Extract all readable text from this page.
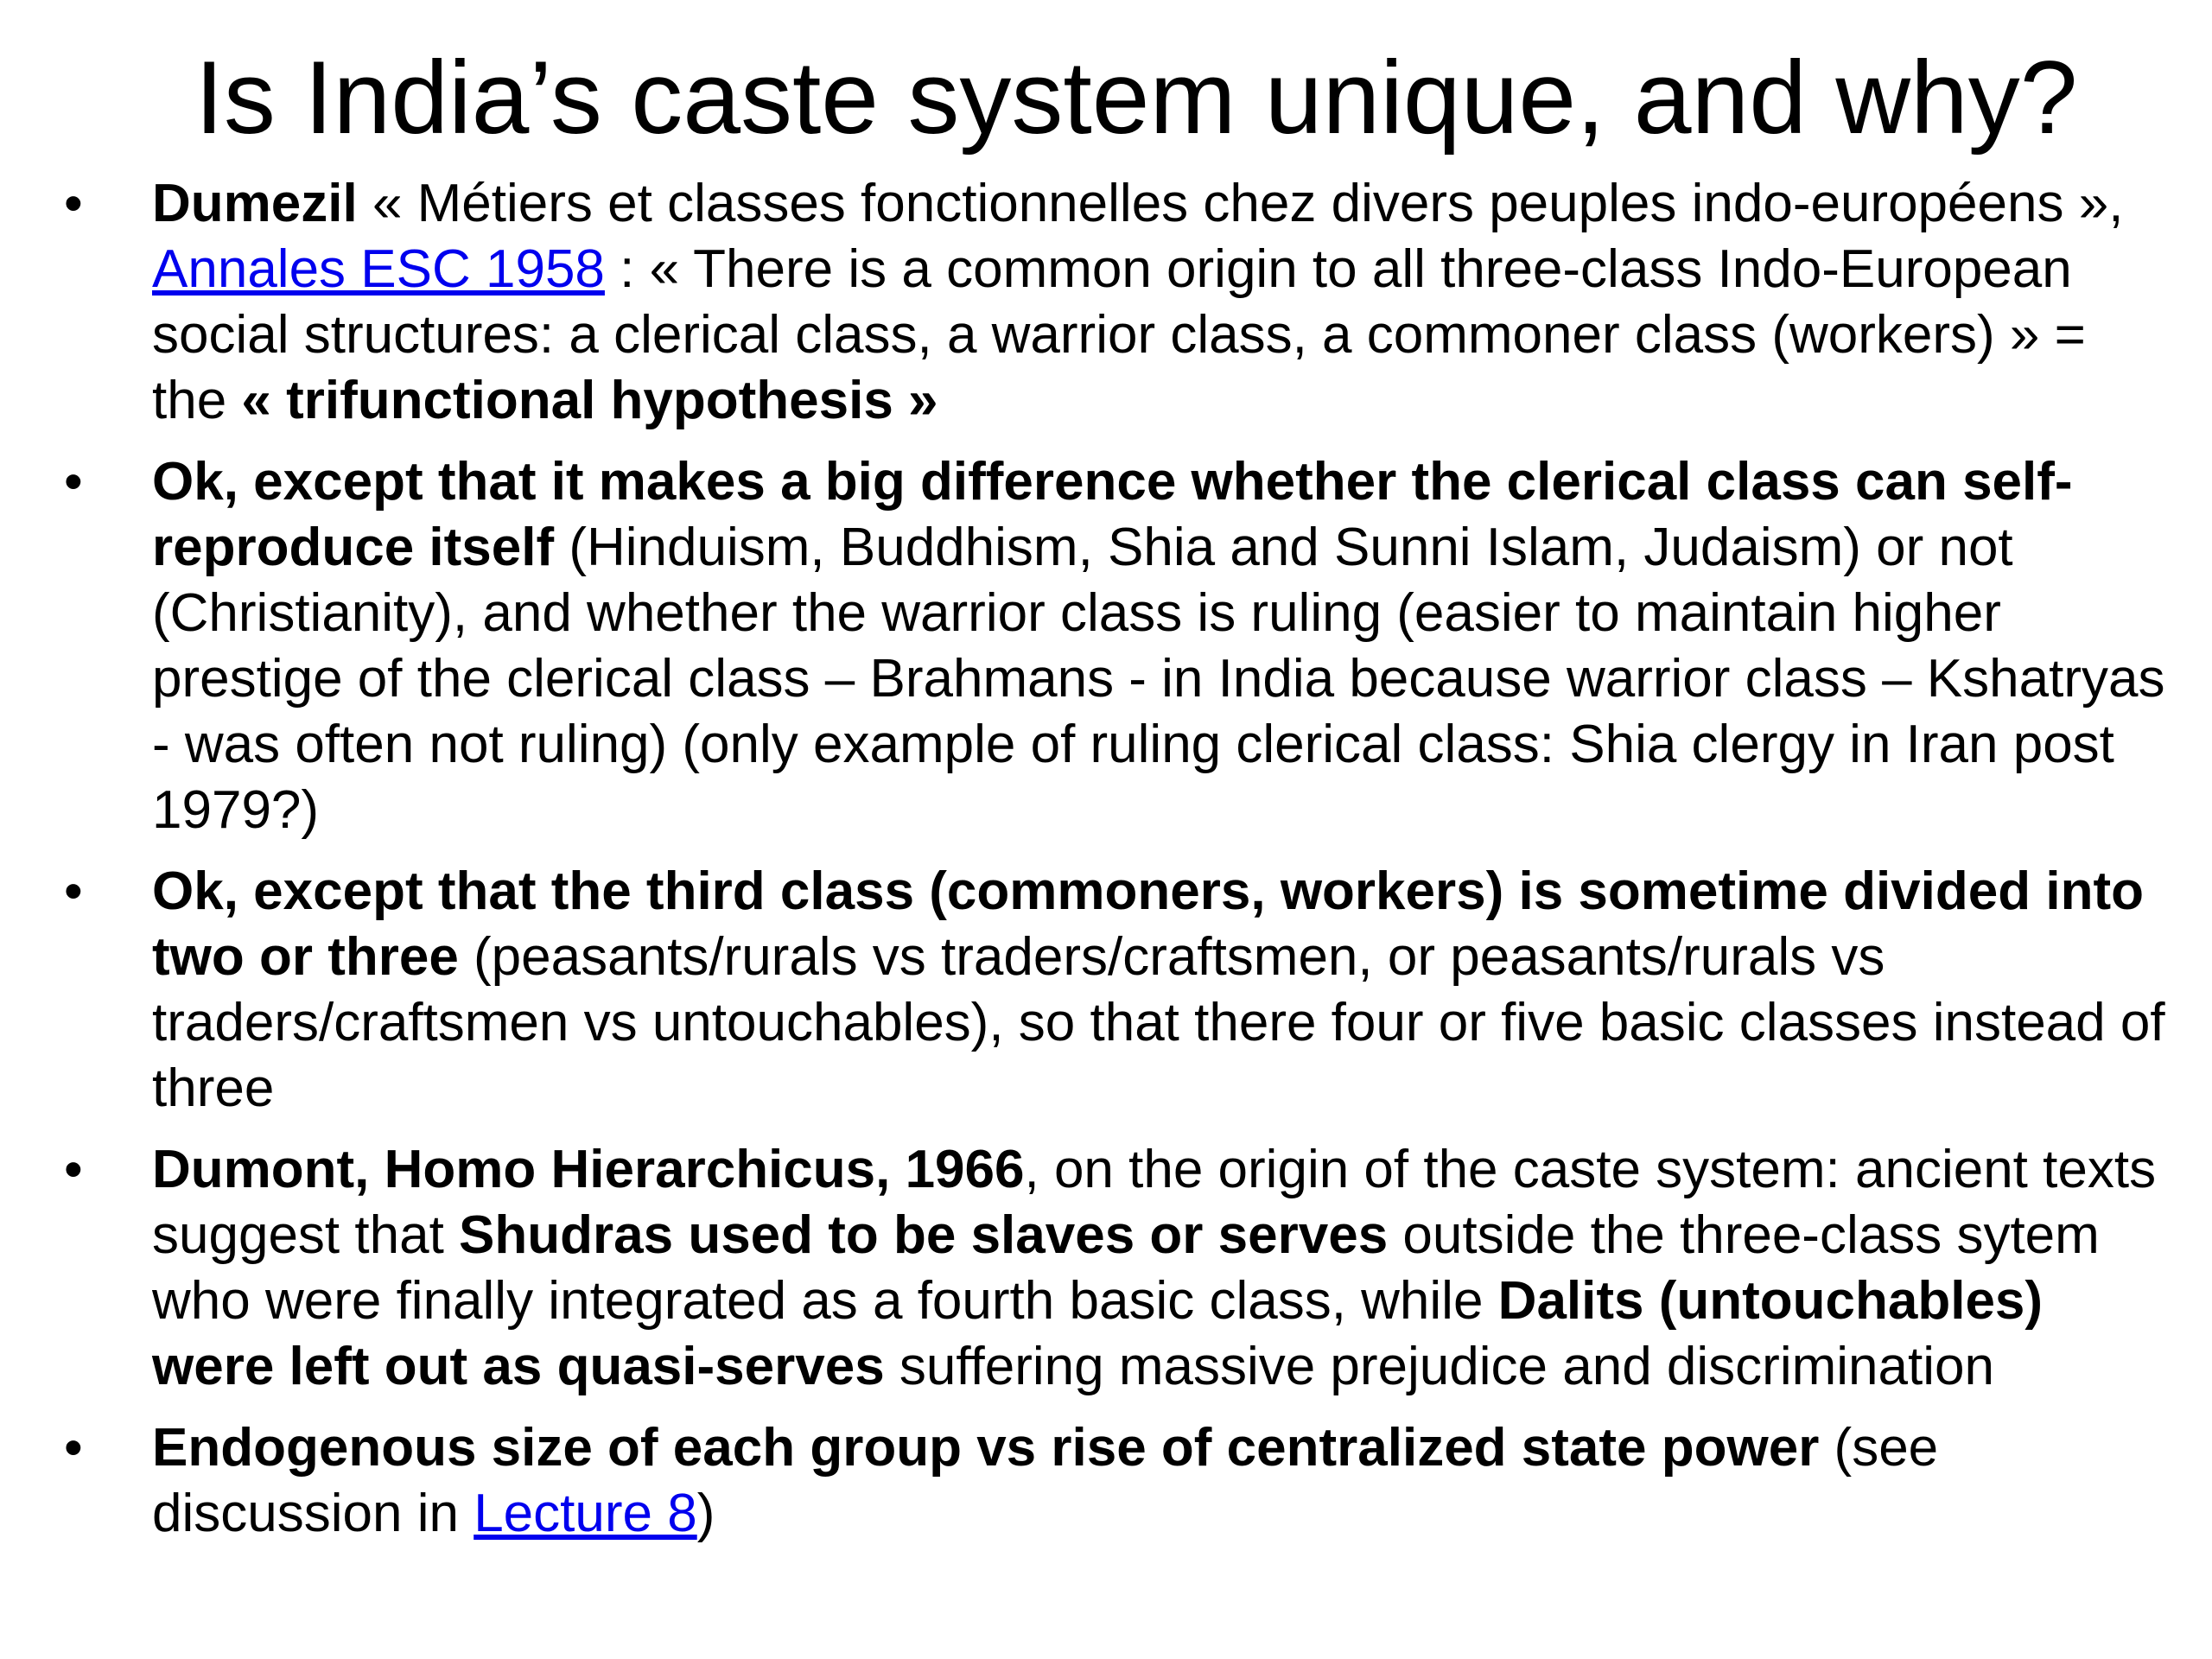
Is India’s caste system unique, and why?
• Dumezil « Métiers et classes fonctionnelles chez divers peuples indo-européens », Annales ESC 1958 : « There is a common origin to all three-class Indo-European social structures: a clerical class, a warrior class, a commoner class (workers) » = the « trifunctional hypothesis »
• Ok, except that it makes a big difference whether the clerical class can self-reproduce itself (Hinduism, Buddhism, Shia and Sunni Islam, Judaism) or not (Christianity), and whether the warrior class is ruling (easier to maintain higher prestige of the clerical class – Brahmans - in India because warrior class – Kshatryas - was often not ruling) (only example of ruling clerical class: Shia clergy in Iran post 1979?)
• Ok, except that the third class (commoners, workers) is sometime divided into two or three (peasants/rurals vs traders/craftsmen, or peasants/rurals vs traders/craftsmen vs untouchables), so that there four or five basic classes instead of three
• Dumont, Homo Hierarchicus, 1966, on the origin of the caste system: ancient texts suggest that Shudras used to be slaves or serves outside the three-class sytem who were finally integrated as a fourth basic class, while Dalits (untouchables) were left out as quasi-serves suffering massive prejudice and discrimination
• Endogenous size of each group vs rise of centralized state power (see discussion in Lecture 8)
